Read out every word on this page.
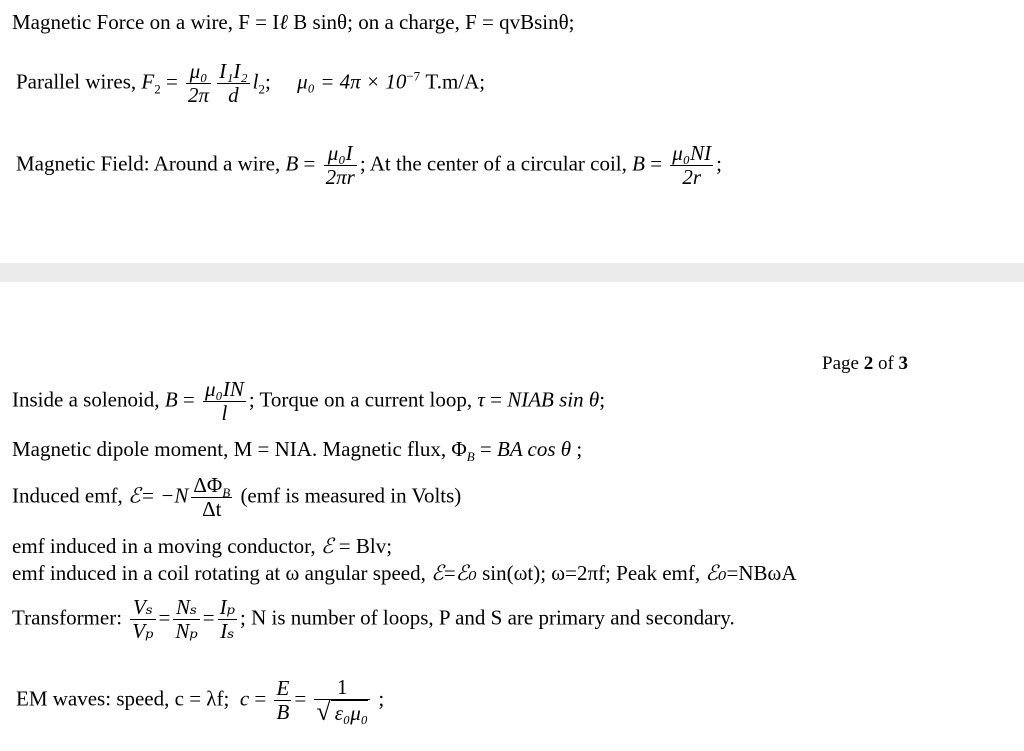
Magnetic Force on a wire, F = Iℓ B sinθ; on a charge, F = qvBsinθ;
Parallel wires, $F_2 = \frac{\text{μ₀}}{2\pi} \frac{\text{I₁I₂}}{d} l_2$; $\mu_0 = 4\pi \times 10^{-7}$ T.m/A;
Magnetic Field: Around a wire, $B = \frac{\text{μ₀I}}{2\pi r}$ ; At the center of a circular coil, $B = \frac{\text{μ₀NI}}{2r}$ ;
Page 2 of 3
Inside a solenoid, $B = \frac{\text{μ₀IN}}{l}$ ; Torque on a current loop, τ = NIAB sin θ;
Magnetic dipole moment, M = NIA. Magnetic flux, $\Phi_B$ = BA cos θ ;
Induced emf, ℰ= $-N \frac{\Delta\Phi_B}{\Delta t} (emf$ is measured in Volts)
emf induced in a moving conductor, ℰ = Blv;
emf induced in a coil rotating at ω angular speed, ℰ=ℰ₀ sin(ωt); ω=2πf; Peak emf, ℰ₀=NBωA
Transformer: $\frac{\text{Vₛ}}{\text{Vₚ}} = \frac{\text{Nₛ}}{\text{Nₚ}} = \frac{\text{Iₚ}}{\text{Iₛ}}$ ; N is number of loops, P and S are primary and secondary.
EM waves: speed, c = λf; $c = \frac{E}{B} = \frac{1}{\text{√ ε₀μ₀}}$ ;
